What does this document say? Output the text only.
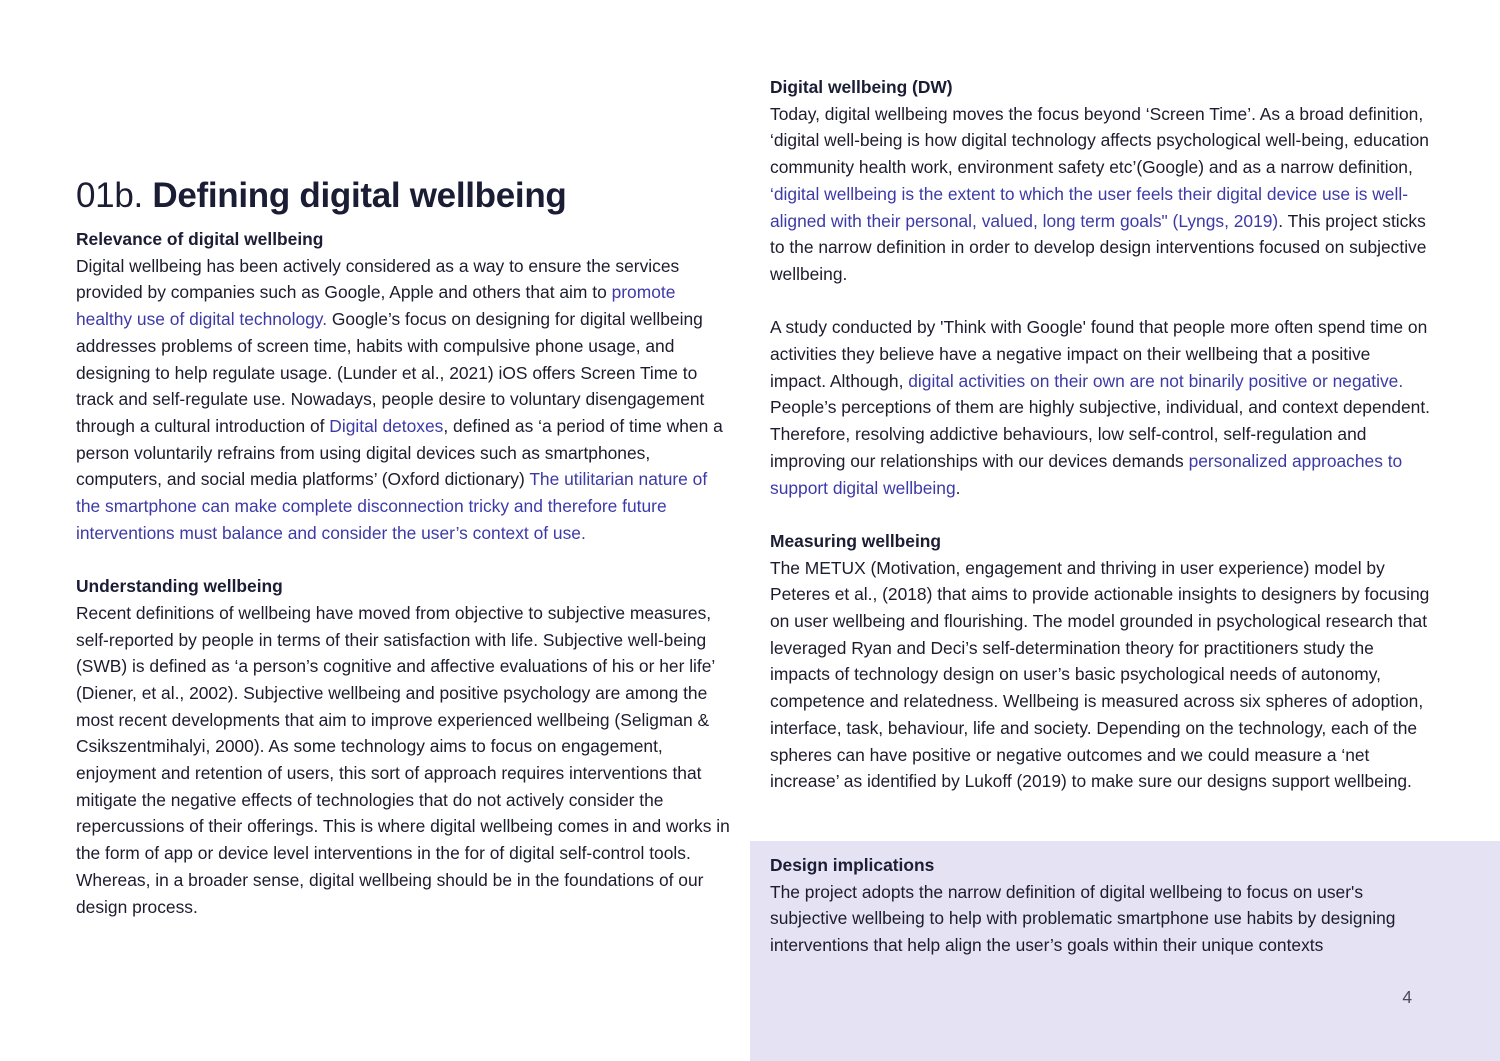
01b. Defining digital wellbeing
Relevance of digital wellbeing

Digital wellbeing has been actively considered as a way to ensure the services provided by companies such as Google, Apple and others that aim to promote healthy use of digital technology. Google’s focus on designing for digital wellbeing addresses problems of screen time, habits with compulsive phone usage, and designing to help regulate usage. (Lunder et al., 2021) iOS offers Screen Time to track and self-regulate use. Nowadays, people desire to voluntary disengagement through a cultural introduction of Digital detoxes, defined as ‘a period of time when a person voluntarily refrains from using digital devices such as smartphones, computers, and social media platforms’ (Oxford dictionary) The utilitarian nature of the smartphone can make complete disconnection tricky and therefore future interventions must balance and consider the user’s context of use.

Understanding wellbeing

Recent definitions of wellbeing have moved from objective to subjective measures, self-reported by people in terms of their satisfaction with life. Subjective well-being (SWB) is defined as ‘a person’s cognitive and affective evaluations of his or her life’ (Diener, et al., 2002). Subjective wellbeing and positive psychology are among the most recent developments that aim to improve experienced wellbeing (Seligman & Csikszentmihalyi, 2000). As some technology aims to focus on engagement, enjoyment and retention of users, this sort of approach requires interventions that mitigate the negative effects of technologies that do not actively consider the repercussions of their offerings. This is where digital wellbeing comes in and works in the form of app or device level interventions in the for of digital self-control tools. Whereas, in a broader sense, digital wellbeing should be in the foundations of our design process.

Digital wellbeing (DW)

Today, digital wellbeing moves the focus beyond ‘Screen Time’. As a broad definition, ‘digital well-being is how digital technology affects psychological well-being, education community health work, environment safety etc’(Google) and as a narrow definition, ‘digital wellbeing is the extent to which the user feels their digital device use is well-aligned with their personal, valued, long term goals" (Lyngs, 2019). This project sticks to the narrow definition in order to develop design interventions focused on subjective wellbeing.

A study conducted by 'Think with Google' found that people more often spend time on activities they believe have a negative impact on their wellbeing that a positive impact. Although, digital activities on their own are not binarily positive or negative. People’s perceptions of them are highly subjective, individual, and context dependent. Therefore, resolving addictive behaviours, low self-control, self-regulation and improving our relationships with our devices demands personalized approaches to support digital wellbeing.

Measuring wellbeing

The METUX (Motivation, engagement and thriving in user experience) model by Peteres et al., (2018) that aims to provide actionable insights to designers by focusing on user wellbeing and flourishing. The model grounded in psychological research that leveraged Ryan and Deci’s self-determination theory for practitioners study the impacts of technology design on user’s basic psychological needs of autonomy, competence and relatedness. Wellbeing is measured across six spheres of adoption, interface, task, behaviour, life and society. Depending on the technology, each of the spheres can have positive or negative outcomes and we could measure a ‘net increase’ as identified by Lukoff (2019) to make sure our designs support wellbeing.

Design implications

The project adopts the narrow definition of digital wellbeing to focus on user's subjective wellbeing to help with problematic smartphone use habits by designing interventions that help align the user’s goals within their unique contexts

4
